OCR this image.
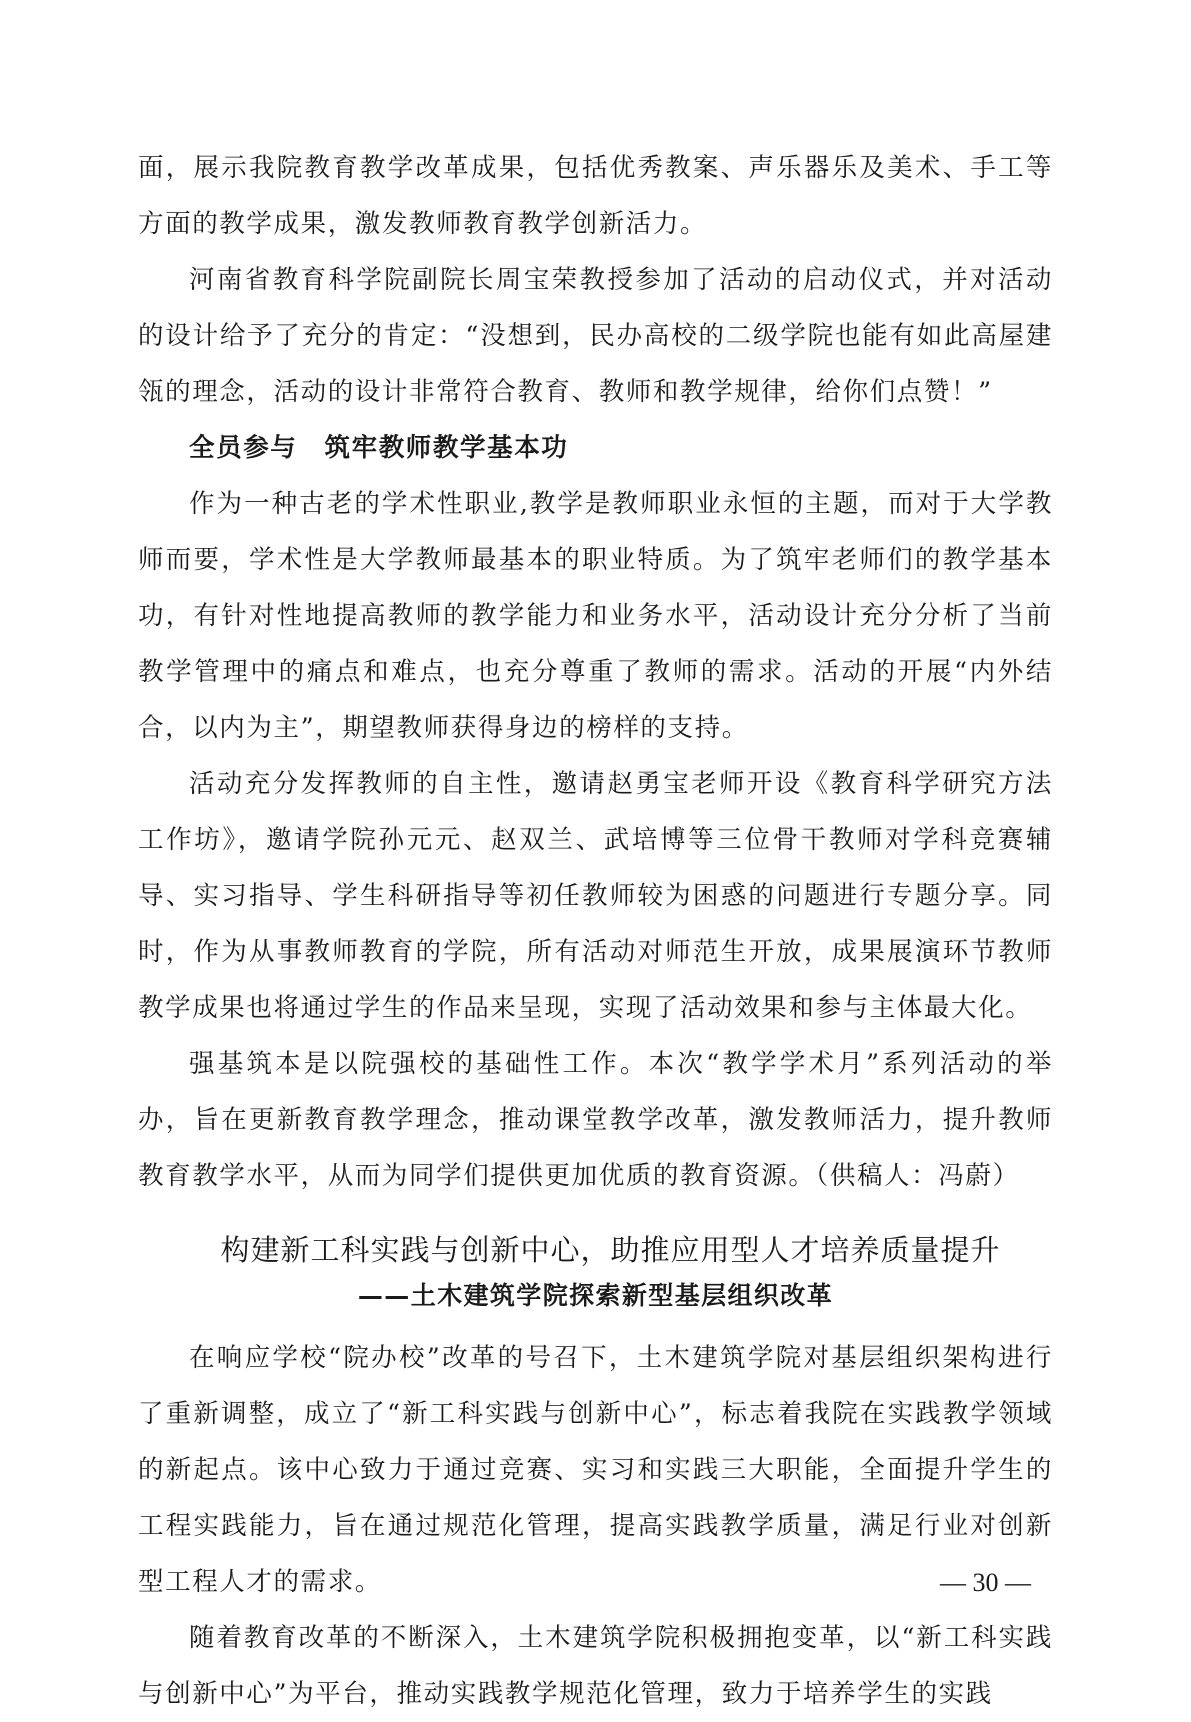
面，展示我院教育教学改革成果，包括优秀教案、声乐器乐及美术、手工等方面的教学成果，激发教师教育教学创新活力。

河南省教育科学院副院长周宝荣教授参加了活动的启动仪式，并对活动的设计给予了充分的肯定：“没想到，民办高校的二级学院也能有如此高屋建瓴的理念，活动的设计非常符合教育、教师和教学规律，给你们点赞！”

全员参与　筑牢教师教学基本功

作为一种古老的学术性职业,教学是教师职业永恒的主题，而对于大学教师而要，学术性是大学教师最基本的职业特质。为了筑牢老师们的教学基本功，有针对性地提高教师的教学能力和业务水平，活动设计充分分析了当前教学管理中的痛点和难点，也充分尊重了教师的需求。活动的开展“内外结合，以内为主”，期望教师获得身边的榜样的支持。

活动充分发挥教师的自主性，邀请赵勇宝老师开设《教育科学研究方法工作坊》，邀请学院孙元元、赵双兰、武培博等三位骨干教师对学科竞赛辅导、实习指导、学生科研指导等初任教师较为困惑的问题进行专题分享。同时，作为从事教师教育的学院，所有活动对师范生开放，成果展演环节教师教学成果也将通过学生的作品来呈现，实现了活动效果和参与主体最大化。

强基筑本是以院强校的基础性工作。本次“教学学术月”系列活动的举办，旨在更新教育教学理念，推动课堂教学改革，激发教师活力，提升教师教育教学水平，从而为同学们提供更加优质的教育资源。（供稿人：冯蔚）

构建新工科实践与创新中心，助推应用型人才培养质量提升
——土木建筑学院探索新型基层组织改革

在响应学校“院办校”改革的号召下，土木建筑学院对基层组织架构进行了重新调整，成立了“新工科实践与创新中心”，标志着我院在实践教学领域的新起点。该中心致力于通过竞赛、实习和实践三大职能，全面提升学生的工程实践能力，旨在通过规范化管理，提高实践教学质量，满足行业对创新型工程人才的需求。

随着教育改革的不断深入，土木建筑学院积极拥抱变革，以“新工科实践与创新中心”为平台，推动实践教学规范化管理，致力于培养学生的实践

— 30 —
